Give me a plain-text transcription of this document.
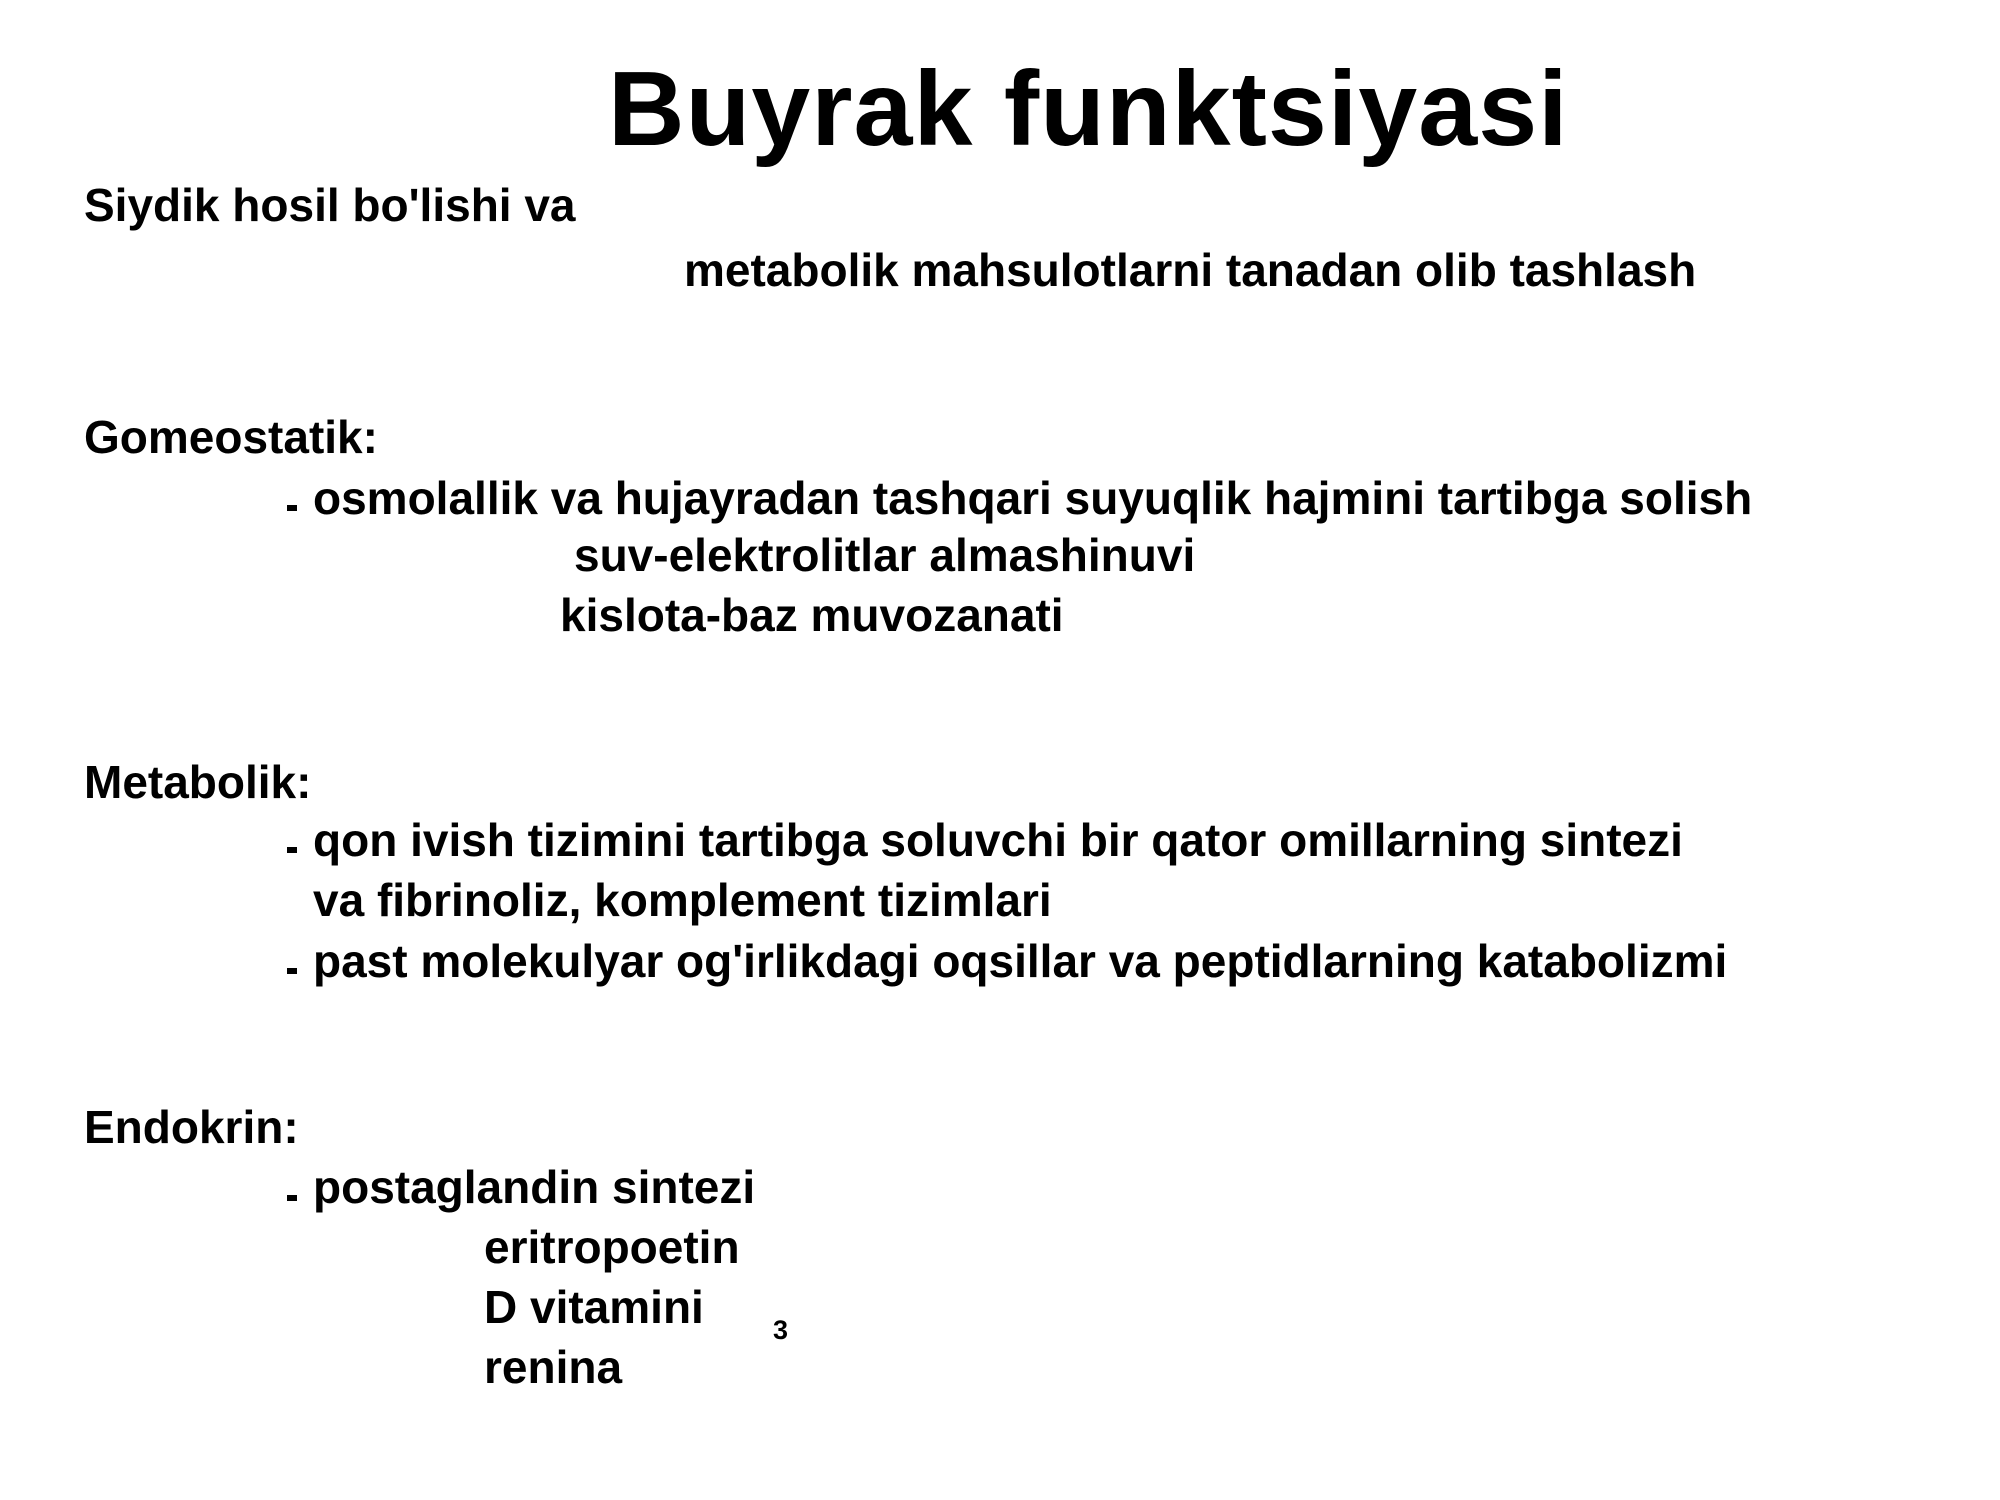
Buyrak funktsiyasi
Siydik hosil bo'lishi va
metabolik mahsulotlarni tanadan olib tashlash
Gomeostatik:
osmolallik va hujayradan tashqari suyuqlik hajmini tartibga solish
suv-elektrolitlar almashinuvi
kislota-baz muvozanati
Metabolik:
qon ivish tizimini tartibga soluvchi bir qator omillarning sintezi
va fibrinoliz, komplement tizimlari
past molekulyar og'irlikdagi oqsillar va peptidlarning katabolizmi
Endokrin:
postaglandin sintezi
eritropoetin
D vitamini
renina
3
